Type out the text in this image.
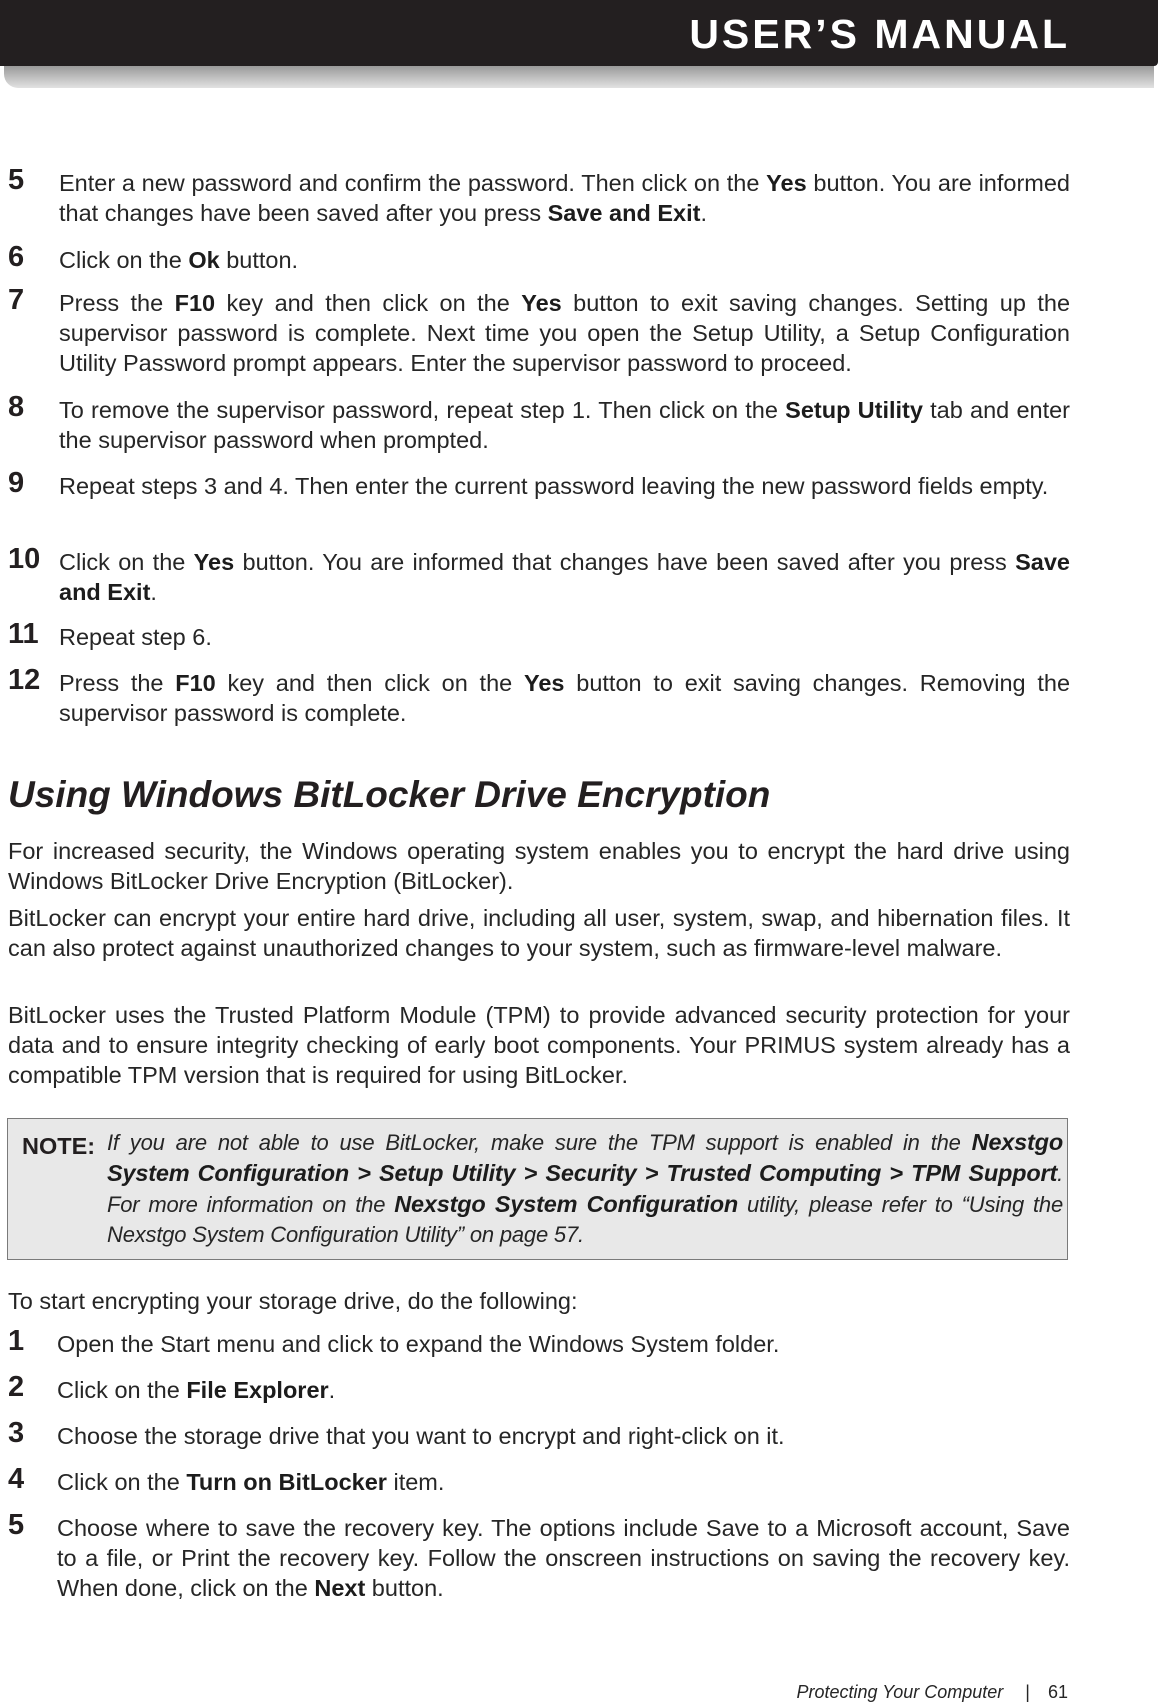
USER’S MANUAL
5 Enter a new password and confirm the password. Then click on the Yes button. You are informed that changes have been saved after you press Save and Exit.
6 Click on the Ok button.
7 Press the F10 key and then click on the Yes button to exit saving changes. Setting up the supervisor password is complete. Next time you open the Setup Utility, a Setup Configuration Utility Password prompt appears. Enter the supervisor password to proceed.
8 To remove the supervisor password, repeat step 1. Then click on the Setup Utility tab and enter the supervisor password when prompted.
9 Repeat steps 3 and 4. Then enter the current password leaving the new password fields empty.
10 Click on the Yes button. You are informed that changes have been saved after you press Save and Exit.
11 Repeat step 6.
12 Press the F10 key and then click on the Yes button to exit saving changes. Removing the supervisor password is complete.
Using Windows BitLocker Drive Encryption
For increased security, the Windows operating system enables you to encrypt the hard drive using Windows BitLocker Drive Encryption (BitLocker).
BitLocker can encrypt your entire hard drive, including all user, system, swap, and hibernation files. It can also protect against unauthorized changes to your system, such as firmware-level malware.
BitLocker uses the Trusted Platform Module (TPM) to provide advanced security protection for your data and to ensure integrity checking of early boot components. Your PRIMUS system already has a compatible TPM version that is required for using BitLocker.
NOTE: If you are not able to use BitLocker, make sure the TPM support is enabled in the Nexstgo System Configuration > Setup Utility > Security > Trusted Computing > TPM Support. For more information on the Nexstgo System Configuration utility, please refer to “Using the Nexstgo System Configuration Utility” on page 57.
To start encrypting your storage drive, do the following:
1 Open the Start menu and click to expand the Windows System folder.
2 Click on the File Explorer.
3 Choose the storage drive that you want to encrypt and right-click on it.
4 Click on the Turn on BitLocker item.
5 Choose where to save the recovery key. The options include Save to a Microsoft account, Save to a file, or Print the recovery key. Follow the onscreen instructions on saving the recovery key. When done, click on the Next button.
Protecting Your Computer | 61
